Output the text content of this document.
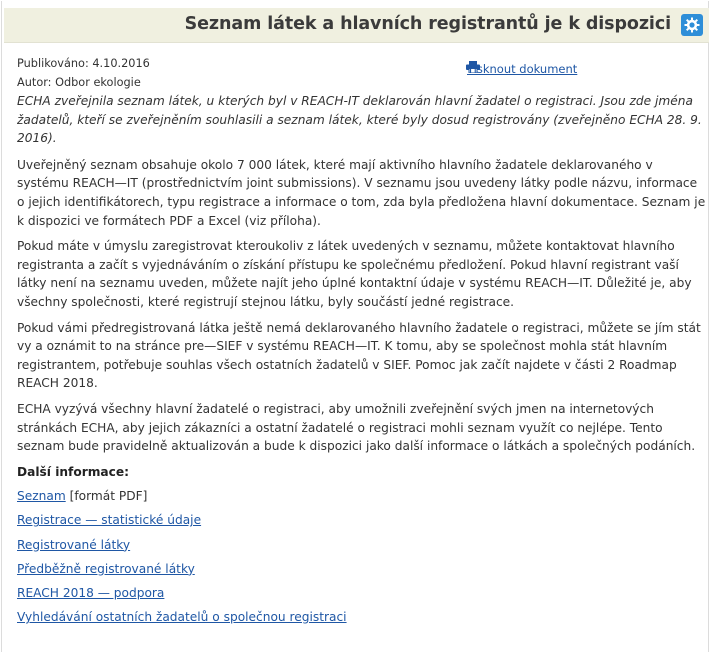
Seznam látek a hlavních registrantů je k dispozici
Publikováno: 4.10.2016
Autor: Odbor ekologie
Tisknout dokument

ECHA zveřejnila seznam látek, u kterých byl v REACH-IT deklarován hlavní žadatel o registraci. Jsou zde jména žadatelů, kteří se zveřejněním souhlasili a seznam látek, které byly dosud registrovány (zveřejněno ECHA 28. 9. 2016).

Uveřejněný seznam obsahuje okolo 7 000 látek, které mají aktivního hlavního žadatele deklarovaného v systému REACH—IT (prostřednictvím joint submissions). V seznamu jsou uvedeny látky podle názvu, informace o jejich identifikátorech, typu registrace a informace o tom, zda byla předložena hlavní dokumentace. Seznam je k dispozici ve formátech PDF a Excel (viz příloha).

Pokud máte v úmyslu zaregistrovat kteroukoliv z látek uvedených v seznamu, můžete kontaktovat hlavního registranta a začít s vyjednáváním o získání přístupu ke společnému předložení. Pokud hlavní registrant vaší látky není na seznamu uveden, můžete najít jeho úplné kontaktní údaje v systému REACH—IT. Důležité je, aby všechny společnosti, které registrují stejnou látku, byly součástí jedné registrace.

Pokud vámi předregistrovaná látka ještě nemá deklarovaného hlavního žadatele o registraci, můžete se jím stát vy a oznámit to na stránce pre—SIEF v systému REACH—IT. K tomu, aby se společnost mohla stát hlavním registrantem, potřebuje souhlas všech ostatních žadatelů v SIEF. Pomoc jak začít najdete v části 2 Roadmap REACH 2018.

ECHA vyzývá všechny hlavní žadatelé o registraci, aby umožnili zveřejnění svých jmen na internetových stránkách ECHA, aby jejich zákazníci a ostatní žadatelé o registraci mohli seznam využít co nejlépe. Tento seznam bude pravidelně aktualizován a bude k dispozici jako další informace o látkách a společných podáních.

Další informace:
Seznam [formát PDF]
Registrace — statistické údaje
Registrované látky
Předběžně registrované látky
REACH 2018 — podpora
Vyhledávání ostatních žadatelů o společnou registraci
